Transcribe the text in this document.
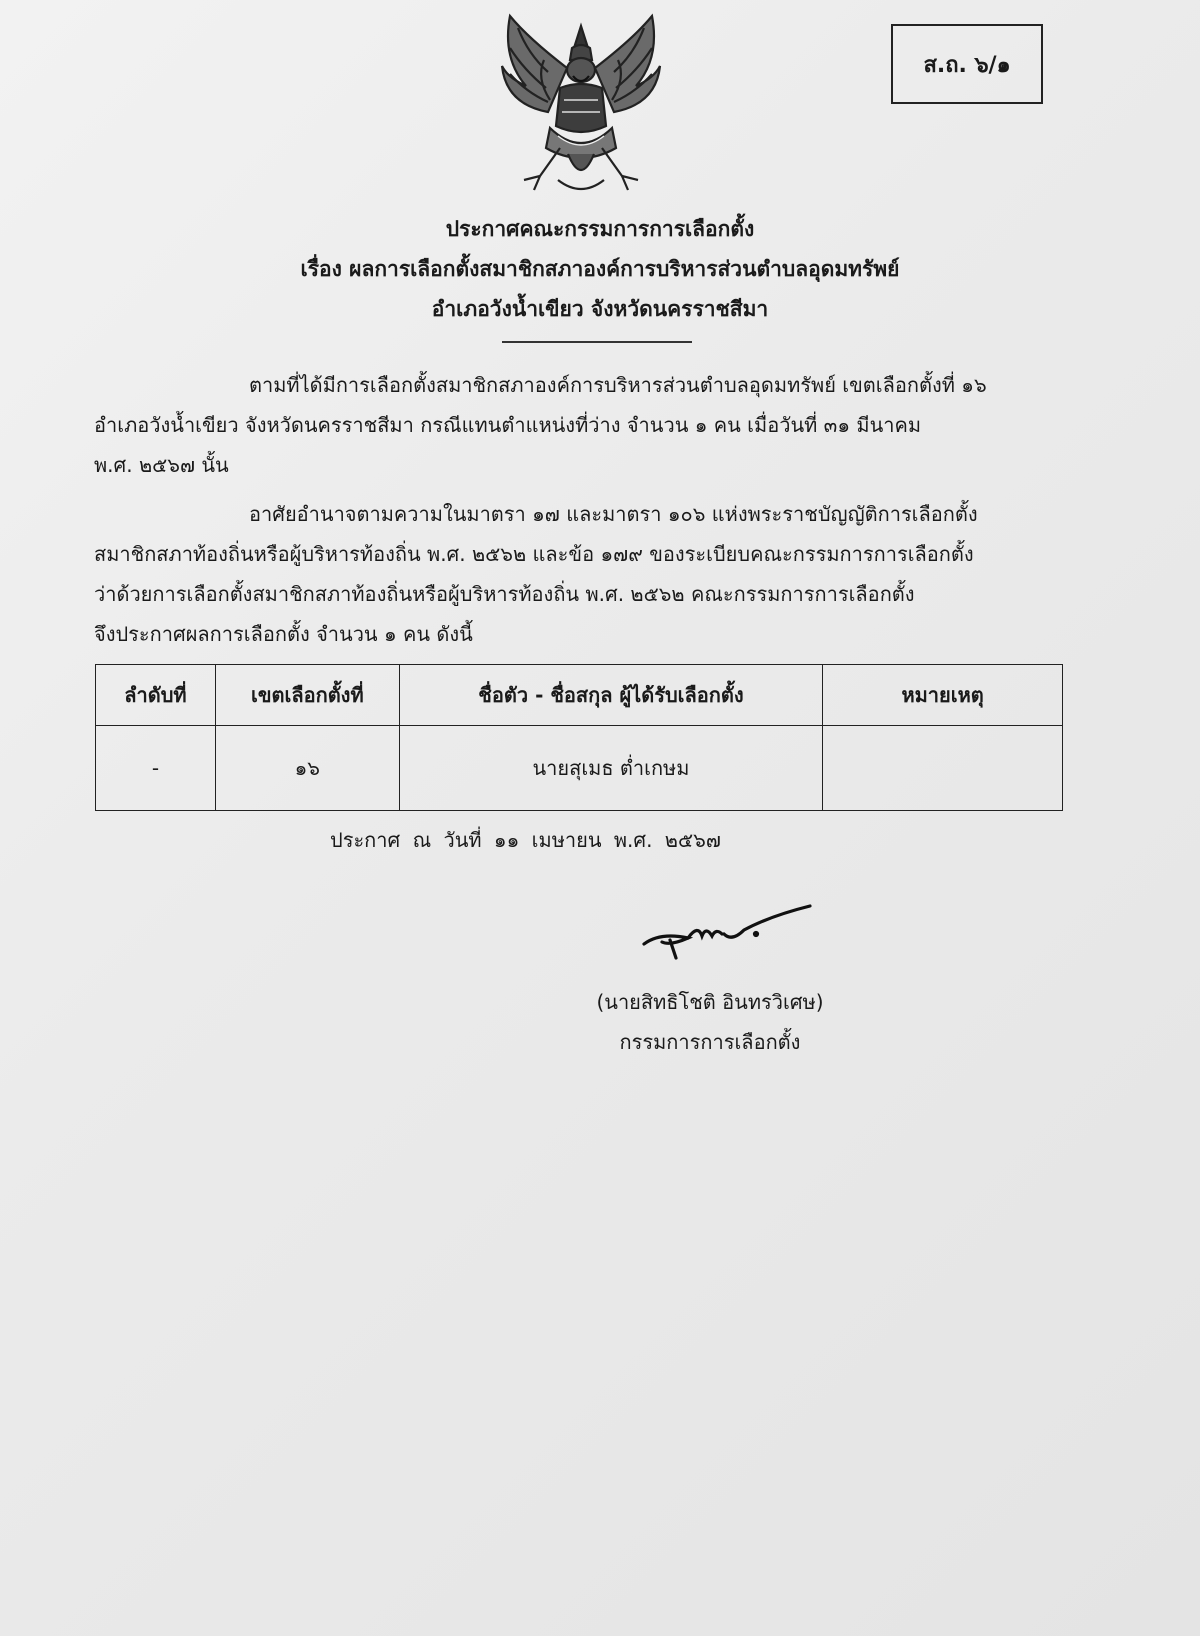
ส.ถ. ๖/๑
ประกาศคณะกรรมการการเลือกตั้ง
เรื่อง ผลการเลือกตั้งสมาชิกสภาองค์การบริหารส่วนตำบลอุดมทรัพย์
อำเภอวังน้ำเขียว จังหวัดนครราชสีมา
ตามที่ได้มีการเลือกตั้งสมาชิกสภาองค์การบริหารส่วนตำบลอุดมทรัพย์ เขตเลือกตั้งที่ ๑๖
อำเภอวังน้ำเขียว จังหวัดนครราชสีมา กรณีแทนตำแหน่งที่ว่าง จำนวน ๑ คน เมื่อวันที่ ๓๑ มีนาคม
พ.ศ. ๒๕๖๗ นั้น
อาศัยอำนาจตามความในมาตรา ๑๗ และมาตรา ๑๐๖ แห่งพระราชบัญญัติการเลือกตั้ง
สมาชิกสภาท้องถิ่นหรือผู้บริหารท้องถิ่น พ.ศ. ๒๕๖๒ และข้อ ๑๗๙ ของระเบียบคณะกรรมการการเลือกตั้ง
ว่าด้วยการเลือกตั้งสมาชิกสภาท้องถิ่นหรือผู้บริหารท้องถิ่น พ.ศ. ๒๕๖๒ คณะกรรมการการเลือกตั้ง
จึงประกาศผลการเลือกตั้ง จำนวน ๑ คน ดังนี้
ลำดับที่	เขตเลือกตั้งที่	ชื่อตัว - ชื่อสกุล ผู้ได้รับเลือกตั้ง	หมายเหตุ
-	๑๖	นายสุเมธ ต่ำเกษม	
ประกาศ ณ วันที่ ๑๑ เมษายน พ.ศ. ๒๕๖๗
(นายสิทธิโชติ อินทรวิเศษ)
กรรมการการเลือกตั้ง
